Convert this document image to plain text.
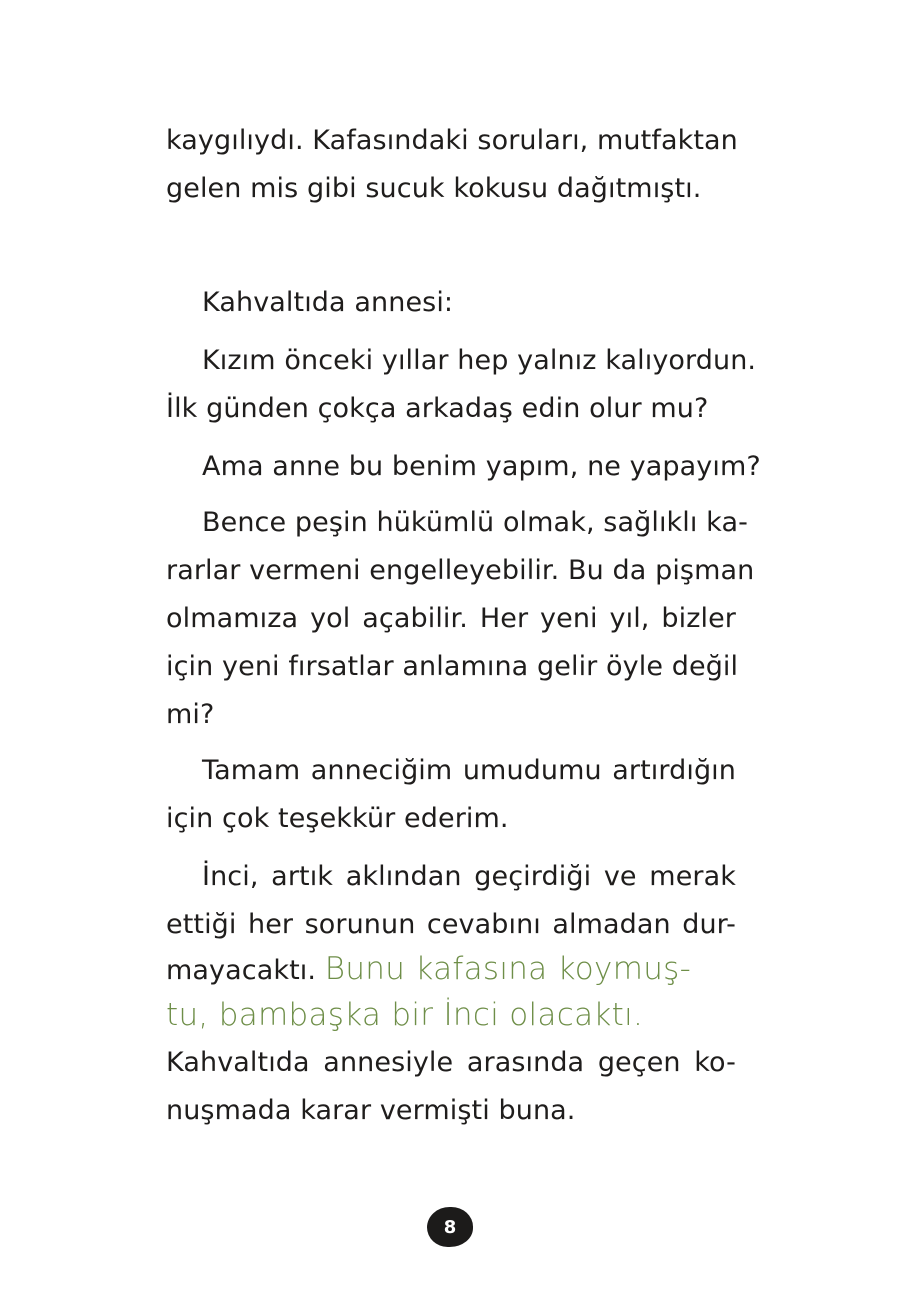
kaygılıydı. Kafasındaki soruları, mutfaktan
gelen mis gibi sucuk kokusu dağıtmıştı.
Kahvaltıda annesi:
Kızım önceki yıllar hep yalnız kalıyordun.
İlk günden çokça arkadaş edin olur mu?
Ama anne bu benim yapım, ne yapayım?
Bence peşin hükümlü olmak, sağlıklı ka-
rarlar vermeni engelleyebilir. Bu da pişman
olmamıza yol açabilir. Her yeni yıl, bizler
için yeni fırsatlar anlamına gelir öyle değil
mi?
Tamam anneciğim umudumu artırdığın
için çok teşekkür ederim.
İnci, artık aklından geçirdiği ve merak
ettiği her sorunun cevabını almadan dur-
mayacaktı. Bunu kafasına koymuş-
tu, bambaşka bir İnci olacaktı.
Kahvaltıda annesiyle arasında geçen ko-
nuşmada karar vermişti buna.
8
